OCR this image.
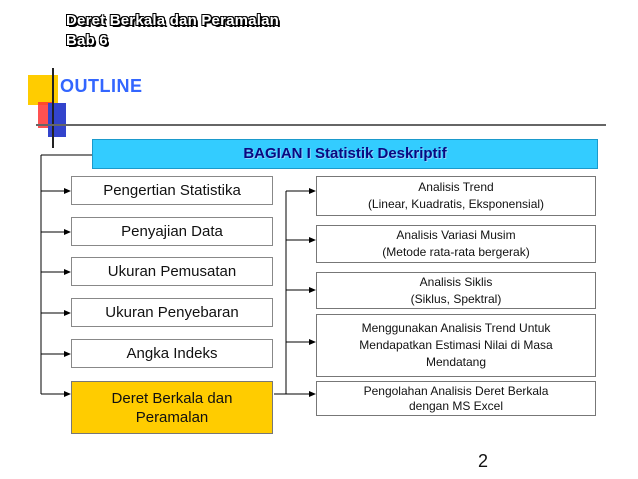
Deret Berkala dan Peramalan
Bab 6
OUTLINE
BAGIAN I Statistik Deskriptif
Pengertian Statistika
Penyajian Data
Ukuran Pemusatan
Ukuran Penyebaran
Angka Indeks
Deret Berkala dan
Peramalan
Analisis Trend
(Linear, Kuadratis, Eksponensial)
Analisis Variasi Musim
(Metode rata-rata bergerak)
Analisis Siklis
(Siklus, Spektral)
Menggunakan Analisis Trend Untuk
Mendapatkan Estimasi Nilai di Masa
Mendatang
Pengolahan Analisis Deret Berkala
dengan MS Excel
2
